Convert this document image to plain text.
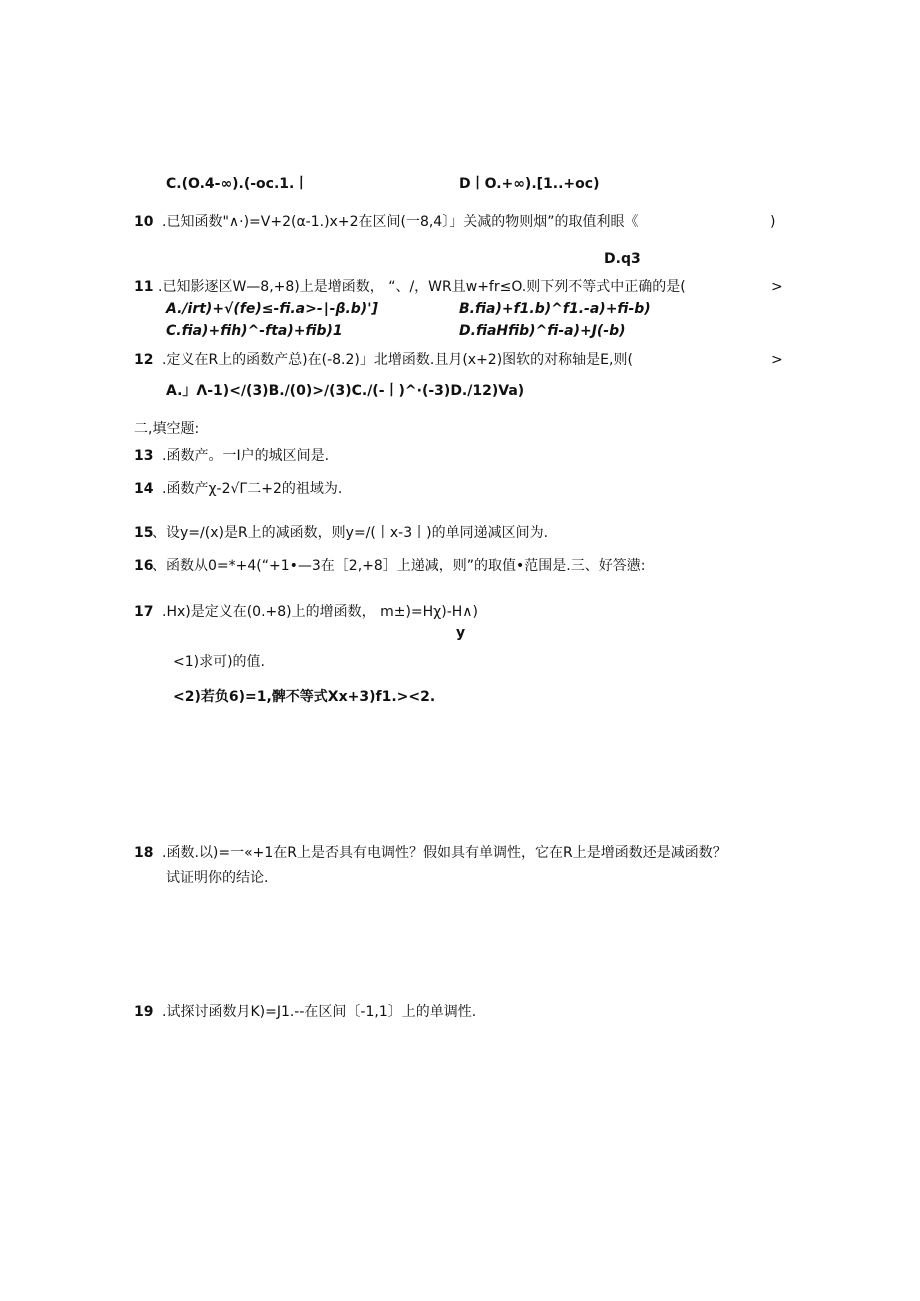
C.(O.4-∞).(-oc.1.丨	D丨O.+∞).[1..+oc)
10 .已知函数"∧·)=V+2(α-1.)x+2在区间(一8,4〕」关减的物则烟”的取值利眼《	)
D.q3
11 .已知影逐区W—8,+8)上是增函数， “、/，WR且w+fr≤O.则下列不等式中正确的是(	>
A./irt)+√(fe)≤-fi.a>-∣-β.b)']	B.fia)+f1.b)^f1.-a)+fi-b)
C.fia)+fih)^-fta)+fib)1	D.fiaHfib)^fi-a)+J(-b)
12 .定义在R上的函数产总)在(-8.2)」北增函数.且月(x+2)图软的对称轴是E,则(	>
A.」Λ-1)<∕(3)B./(0)>∕(3)C./(-丨)^·(-3)D./12)Va)
二,填空题:
13 .函数产。一I户的城区间是.
14 .函数产χ-2√Γ二+2的祖域为.
15
、设y=∕(x)是R上的减函数，则y=∕(丨x-3丨)的单同递减区间为.
16
、函数从0=*+4(“+1•—3在［2,+8］上递减，则”的取值•范围是.三、好答懑:
17 .Hx)是定义在(0.+8)上的增函数， m±)=Hχ)-H∧)
y
<1)求可)的值.
<2)若负6)=1,髀不等式Xx+3)f1.><2.
18 .函数.以)=一«+1在R上是否具有电调性？假如具有单调性，它在R上是增函数还是减函数？
试证明你的结论.
19 .试探讨函数月K)=J1.--在区间〔-1,1〕上的单调性.
